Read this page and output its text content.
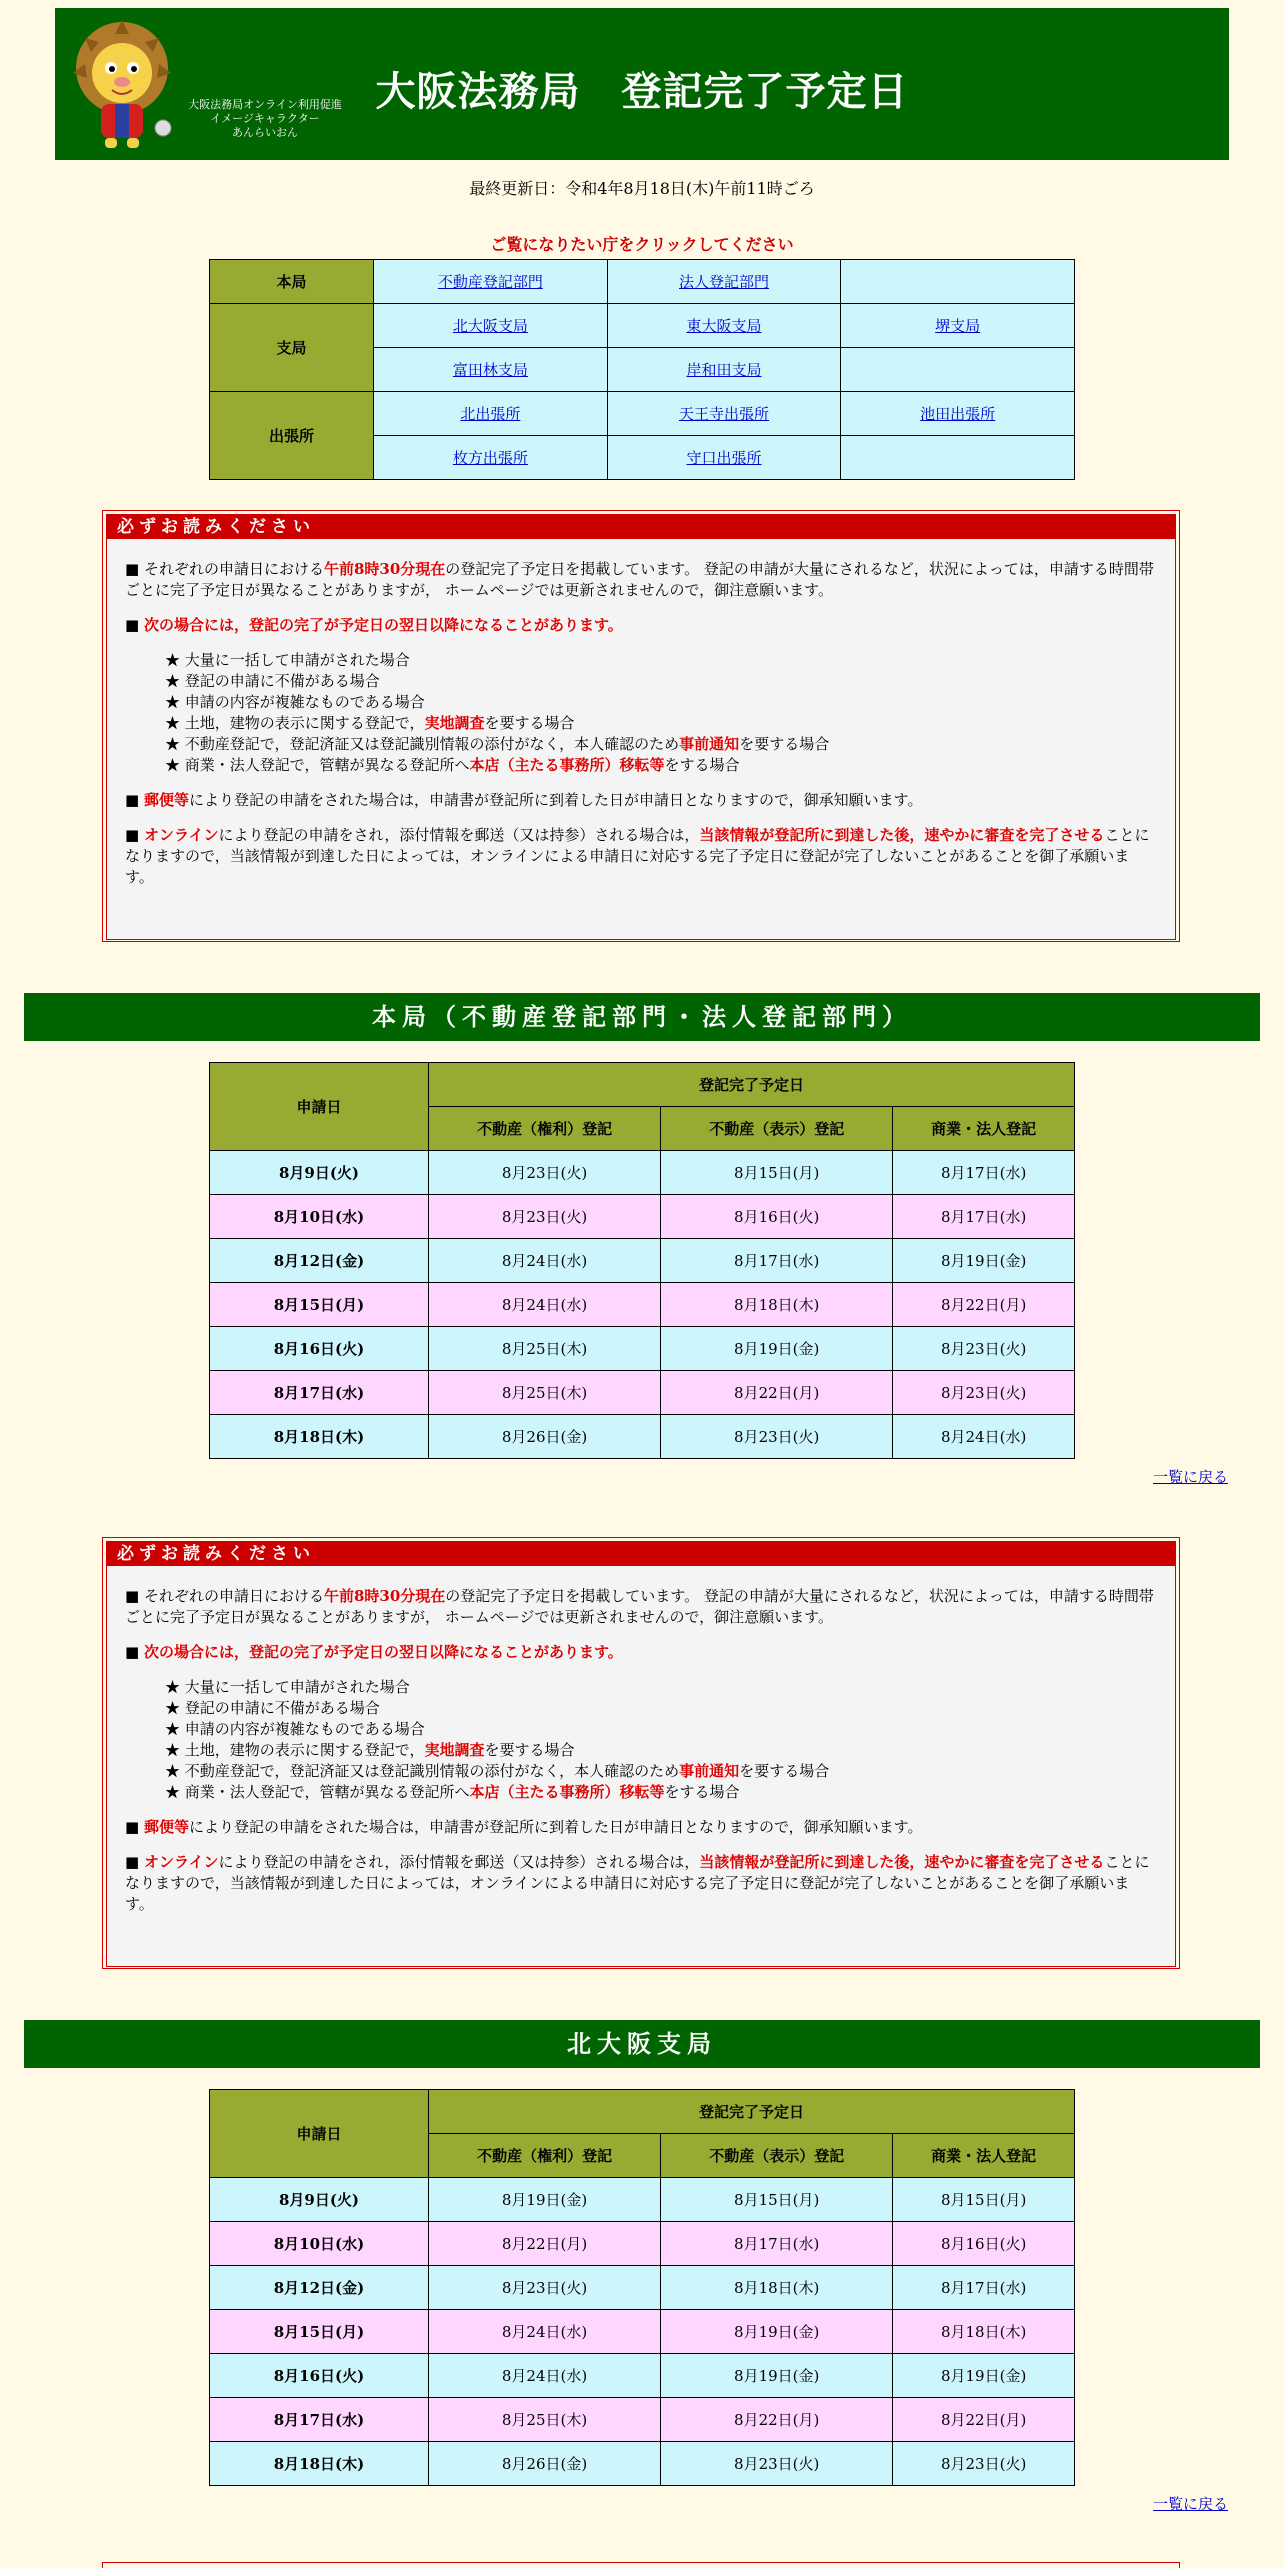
大阪法務局オンライン利用促進
イメージキャラクター
あんらいおん
大阪法務局　登記完了予定日
最終更新日：令和4年8月18日(木)午前11時ごろ
ご覧になりたい庁をクリックしてください
本局	不動産登記部門	法人登記部門	
支局	北大阪支局	東大阪支局	堺支局
	富田林支局	岸和田支局	
出張所	北出張所	天王寺出張所	池田出張所
	枚方出張所	守口出張所	
必ずお読みください

■ それぞれの申請日における午前8時30分現在の登記完了予定日を掲載しています。 登記の申請が大量にされるなど，状況によっては，申請する時間帯ごとに完了予定日が異なることがありますが， ホームページでは更新されませんので，御注意願います。

■ 次の場合には，登記の完了が予定日の翌日以降になることがあります。

★ 大量に一括して申請がされた場合
★ 登記の申請に不備がある場合
★ 申請の内容が複雑なものである場合
★ 土地，建物の表示に関する登記で，実地調査を要する場合
★ 不動産登記で，登記済証又は登記識別情報の添付がなく，本人確認のため事前通知を要する場合
★ 商業・法人登記で，管轄が異なる登記所へ本店（主たる事務所）移転等をする場合

■ 郵便等により登記の申請をされた場合は，申請書が登記所に到着した日が申請日となりますので，御承知願います。

■ オンラインにより登記の申請をされ，添付情報を郵送（又は持参）される場合は，当該情報が登記所に到達した後，速やかに審査を完了させることになりますので，当該情報が到達した日によっては，オンラインによる申請日に対応する完了予定日に登記が完了しないことがあることを御了承願います。

本局（不動産登記部門・法人登記部門）
申請日	登記完了予定日		
	不動産（権利）登記	不動産（表示）登記	商業・法人登記
8月9日(火)	8月23日(火)	8月15日(月)	8月17日(水)
8月10日(水)	8月23日(火)	8月16日(火)	8月17日(水)
8月12日(金)	8月24日(水)	8月17日(水)	8月19日(金)
8月15日(月)	8月24日(水)	8月18日(木)	8月22日(月)
8月16日(火)	8月25日(木)	8月19日(金)	8月23日(火)
8月17日(水)	8月25日(木)	8月22日(月)	8月23日(火)
8月18日(木)	8月26日(金)	8月23日(火)	8月24日(水)
一覧に戻る
必ずお読みください

■ それぞれの申請日における午前8時30分現在の登記完了予定日を掲載しています。 登記の申請が大量にされるなど，状況によっては，申請する時間帯ごとに完了予定日が異なることがありますが， ホームページでは更新されませんので，御注意願います。

■ 次の場合には，登記の完了が予定日の翌日以降になることがあります。

★ 大量に一括して申請がされた場合
★ 登記の申請に不備がある場合
★ 申請の内容が複雑なものである場合
★ 土地，建物の表示に関する登記で，実地調査を要する場合
★ 不動産登記で，登記済証又は登記識別情報の添付がなく，本人確認のため事前通知を要する場合
★ 商業・法人登記で，管轄が異なる登記所へ本店（主たる事務所）移転等をする場合

■ 郵便等により登記の申請をされた場合は，申請書が登記所に到着した日が申請日となりますので，御承知願います。

■ オンラインにより登記の申請をされ，添付情報を郵送（又は持参）される場合は，当該情報が登記所に到達した後，速やかに審査を完了させることになりますので，当該情報が到達した日によっては，オンラインによる申請日に対応する完了予定日に登記が完了しないことがあることを御了承願います。

北大阪支局
申請日	登記完了予定日		
	不動産（権利）登記	不動産（表示）登記	商業・法人登記
8月9日(火)	8月19日(金)	8月15日(月)	8月15日(月)
8月10日(水)	8月22日(月)	8月17日(水)	8月16日(火)
8月12日(金)	8月23日(火)	8月18日(木)	8月17日(水)
8月15日(月)	8月24日(水)	8月19日(金)	8月18日(木)
8月16日(火)	8月24日(水)	8月19日(金)	8月19日(金)
8月17日(水)	8月25日(木)	8月22日(月)	8月22日(月)
8月18日(木)	8月26日(金)	8月23日(火)	8月23日(火)
一覧に戻る
